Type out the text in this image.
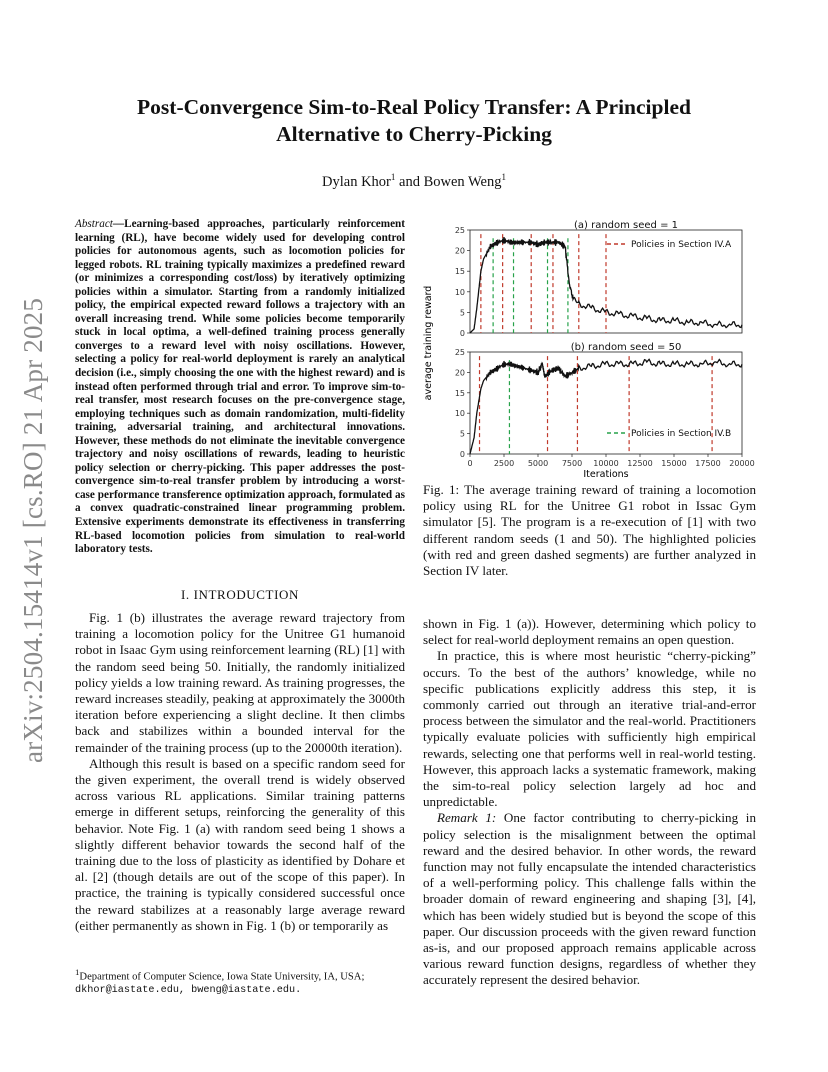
arXiv:2504.15414v1 [cs.RO] 21 Apr 2025
Post-Convergence Sim-to-Real Policy Transfer: A Principled
Alternative to Cherry-Picking
Dylan Khor$^1$ and Bowen Weng$^1$
Abstract—Learning-based approaches, particularly reinforcement learning (RL), have become widely used for developing control policies for autonomous agents, such as locomotion policies for legged robots. RL training typically maximizes a predefined reward (or minimizes a corresponding cost/loss) by iteratively optimizing policies within a simulator. Starting from a randomly initialized policy, the empirical expected reward follows a trajectory with an overall increasing trend. While some policies become temporarily stuck in local optima, a well-defined training process generally converges to a reward level with noisy oscillations. However, selecting a policy for real-world deployment is rarely an analytical decision (i.e., simply choosing the one with the highest reward) and is instead often performed through trial and error. To improve sim-to-real transfer, most research focuses on the pre-convergence stage, employing techniques such as domain randomization, multi-fidelity training, adversarial training, and architectural innovations. However, these methods do not eliminate the inevitable convergence trajectory and noisy oscillations of rewards, leading to heuristic policy selection or cherry-picking. This paper addresses the post-convergence sim-to-real transfer problem by introducing a worst-case performance transference optimization approach, formulated as a convex quadratic-constrained linear programming problem. Extensive experiments demonstrate its effectiveness in transferring RL-based locomotion policies from simulation to real-world laboratory tests.
I. INTRODUCTION

Fig. 1 (b) illustrates the average reward trajectory from training a locomotion policy for the Unitree G1 humanoid robot in Isaac Gym using reinforcement learning (RL) [1] with the random seed being 50. Initially, the randomly initialized policy yields a low training reward. As training progresses, the reward increases steadily, peaking at approximately the 3000th iteration before experiencing a slight decline. It then climbs back and stabilizes within a bounded interval for the remainder of the training process (up to the 20000th iteration).

Although this result is based on a specific random seed for the given experiment, the overall trend is widely observed across various RL applications. Similar training patterns emerge in different setups, reinforcing the generality of this behavior. Note Fig. 1 (a) with random seed being 1 shows a slightly different behavior towards the second half of the training due to the loss of plasticity as identified by Dohare et al. [2] (though details are out of the scope of this paper). In practice, the training is typically considered successful once the reward stabilizes at a reasonably large average reward (either permanently as shown in Fig. 1 (b) or temporarily as

$^1$Department of Computer Science, Iowa State University, IA, USA;
dkhor@iastate.edu, bweng@iastate.edu.
average training reward	0
5
10
15
20
25	(a) random seed = 1
Policies in Section IV.A
0
5
10
15
20
25
0	2500 5000 7500 10000 12500 15000 17500 20000
Iterations
(b) random seed = 50
Policies in Section IV.B
Fig. 1: The average training reward of training a locomotion policy using RL for the Unitree G1 robot in Issac Gym simulator [5]. The program is a re-execution of [1] with two different random seeds (1 and 50). The highlighted policies (with red and green dashed segments) are further analyzed in Section IV later.

shown in Fig. 1 (a)). However, determining which policy to select for real-world deployment remains an open question.

In practice, this is where most heuristic “cherry-picking” occurs. To the best of the authors’ knowledge, while no specific publications explicitly address this step, it is commonly carried out through an iterative trial-and-error process between the simulator and the real-world. Practitioners typically evaluate policies with sufficiently high empirical rewards, selecting one that performs well in real-world testing. However, this approach lacks a systematic framework, making the sim-to-real policy selection largely ad hoc and unpredictable.

Remark 1: One factor contributing to cherry-picking in policy selection is the misalignment between the optimal reward and the desired behavior. In other words, the reward function may not fully encapsulate the intended characteristics of a well-performing policy. This challenge falls within the broader domain of reward engineering and shaping [3], [4], which has been widely studied but is beyond the scope of this paper. Our discussion proceeds with the given reward function as-is, and our proposed approach remains applicable across various reward function designs, regardless of whether they accurately represent the desired behavior.
